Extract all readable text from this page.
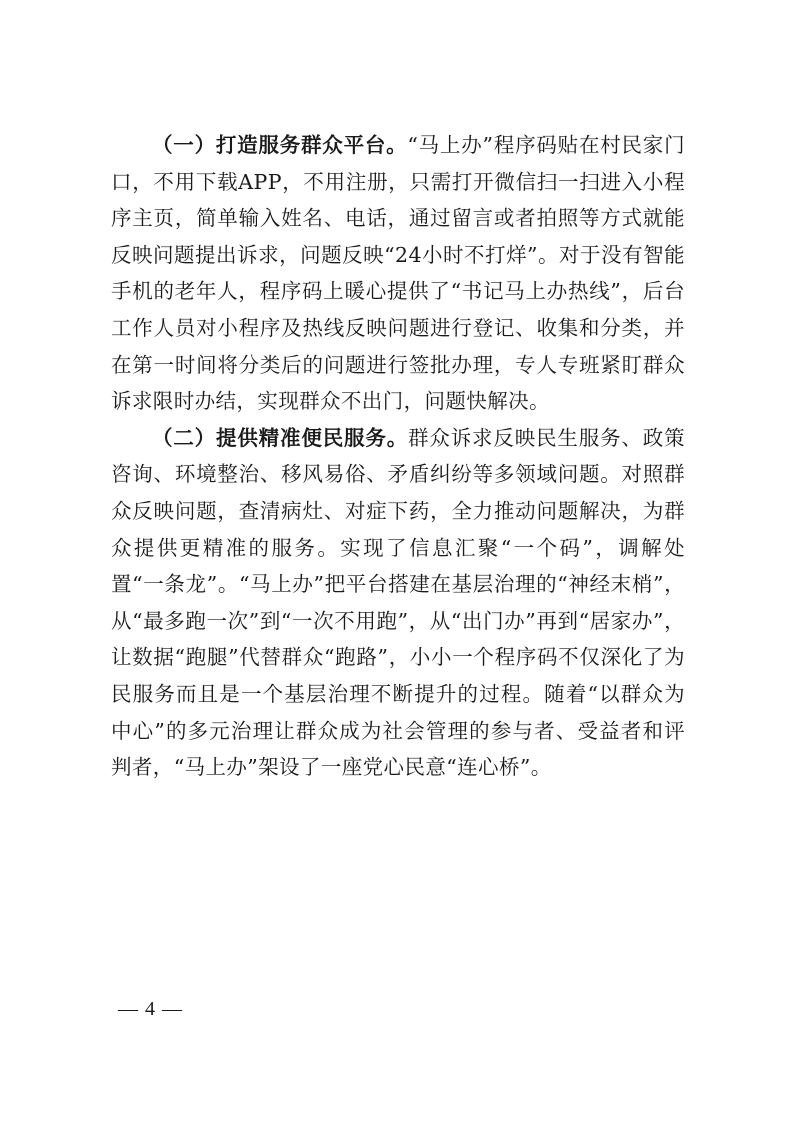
（一）打造服务群众平台。“马上办”程序码贴在村民家门口，不用下载APP，不用注册，只需打开微信扫一扫进入小程序主页，简单输入姓名、电话，通过留言或者拍照等方式就能反映问题提出诉求，问题反映“24小时不打烊”。对于没有智能手机的老年人，程序码上暖心提供了“书记马上办热线”，后台工作人员对小程序及热线反映问题进行登记、收集和分类，并在第一时间将分类后的问题进行签批办理，专人专班紧盯群众诉求限时办结，实现群众不出门，问题快解决。

（二）提供精准便民服务。群众诉求反映民生服务、政策咨询、环境整治、移风易俗、矛盾纠纷等多领域问题。对照群众反映问题，查清病灶、对症下药，全力推动问题解决，为群众提供更精准的服务。实现了信息汇聚“一个码”，调解处置“一条龙”。“马上办”把平台搭建在基层治理的“神经末梢”，从“最多跑一次”到“一次不用跑”，从“出门办”再到“居家办”，让数据“跑腿”代替群众“跑路”，小小一个程序码不仅深化了为民服务而且是一个基层治理不断提升的过程。随着“以群众为中心”的多元治理让群众成为社会管理的参与者、受益者和评判者，“马上办”架设了一座党心民意“连心桥”。

— 4 —
